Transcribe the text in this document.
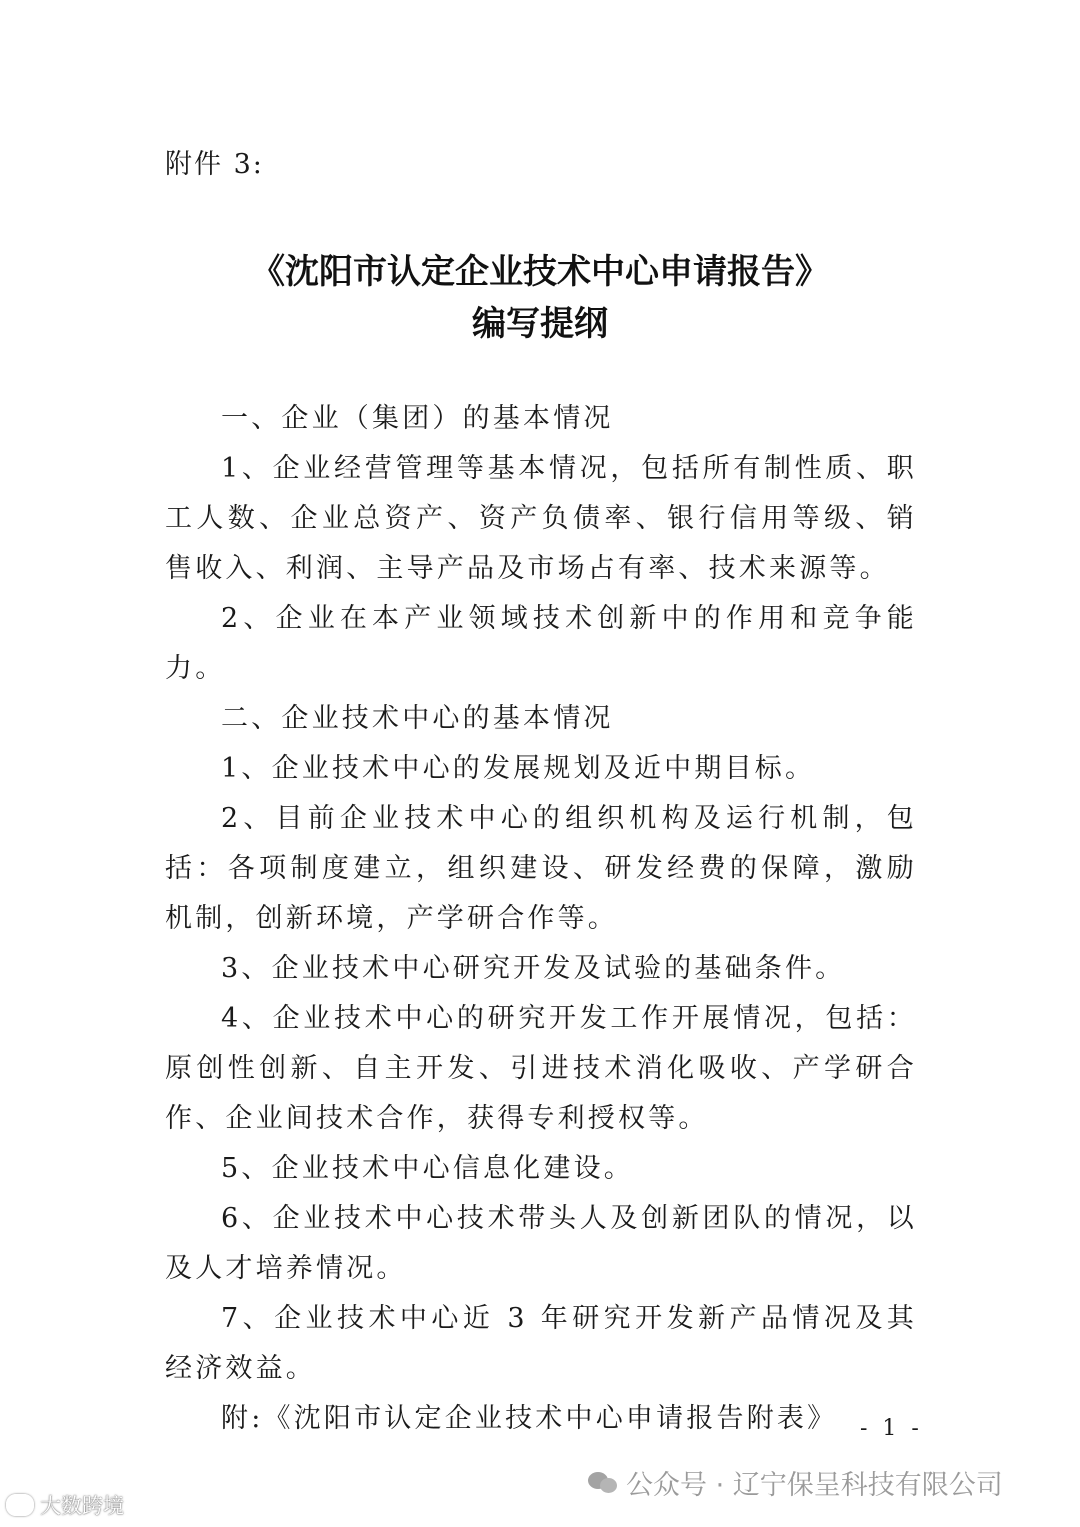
附件 3:
《沈阳市认定企业技术中心申请报告》
编写提纲

一、企业（集团）的基本情况

1、企业经营管理等基本情况，包括所有制性质、职工人数、企业总资产、资产负债率、银行信用等级、销售收入、利润、主导产品及市场占有率、技术来源等。

2、企业在本产业领域技术创新中的作用和竞争能力。

二、企业技术中心的基本情况

1、企业技术中心的发展规划及近中期目标。

2、目前企业技术中心的组织机构及运行机制，包括：各项制度建立，组织建设、研发经费的保障，激励机制，创新环境，产学研合作等。

3、企业技术中心研究开发及试验的基础条件。

4、企业技术中心的研究开发工作开展情况，包括：原创性创新、自主开发、引进技术消化吸收、产学研合作、企业间技术合作，获得专利授权等。

5、企业技术中心信息化建设。

6、企业技术中心技术带头人及创新团队的情况，以及人才培养情况。

7、企业技术中心近 3 年研究开发新产品情况及其经济效益。

附:《沈阳市认定企业技术中心申请报告附表》	- 1 -
公众号 · 辽宁保呈科技有限公司
大数跨境
